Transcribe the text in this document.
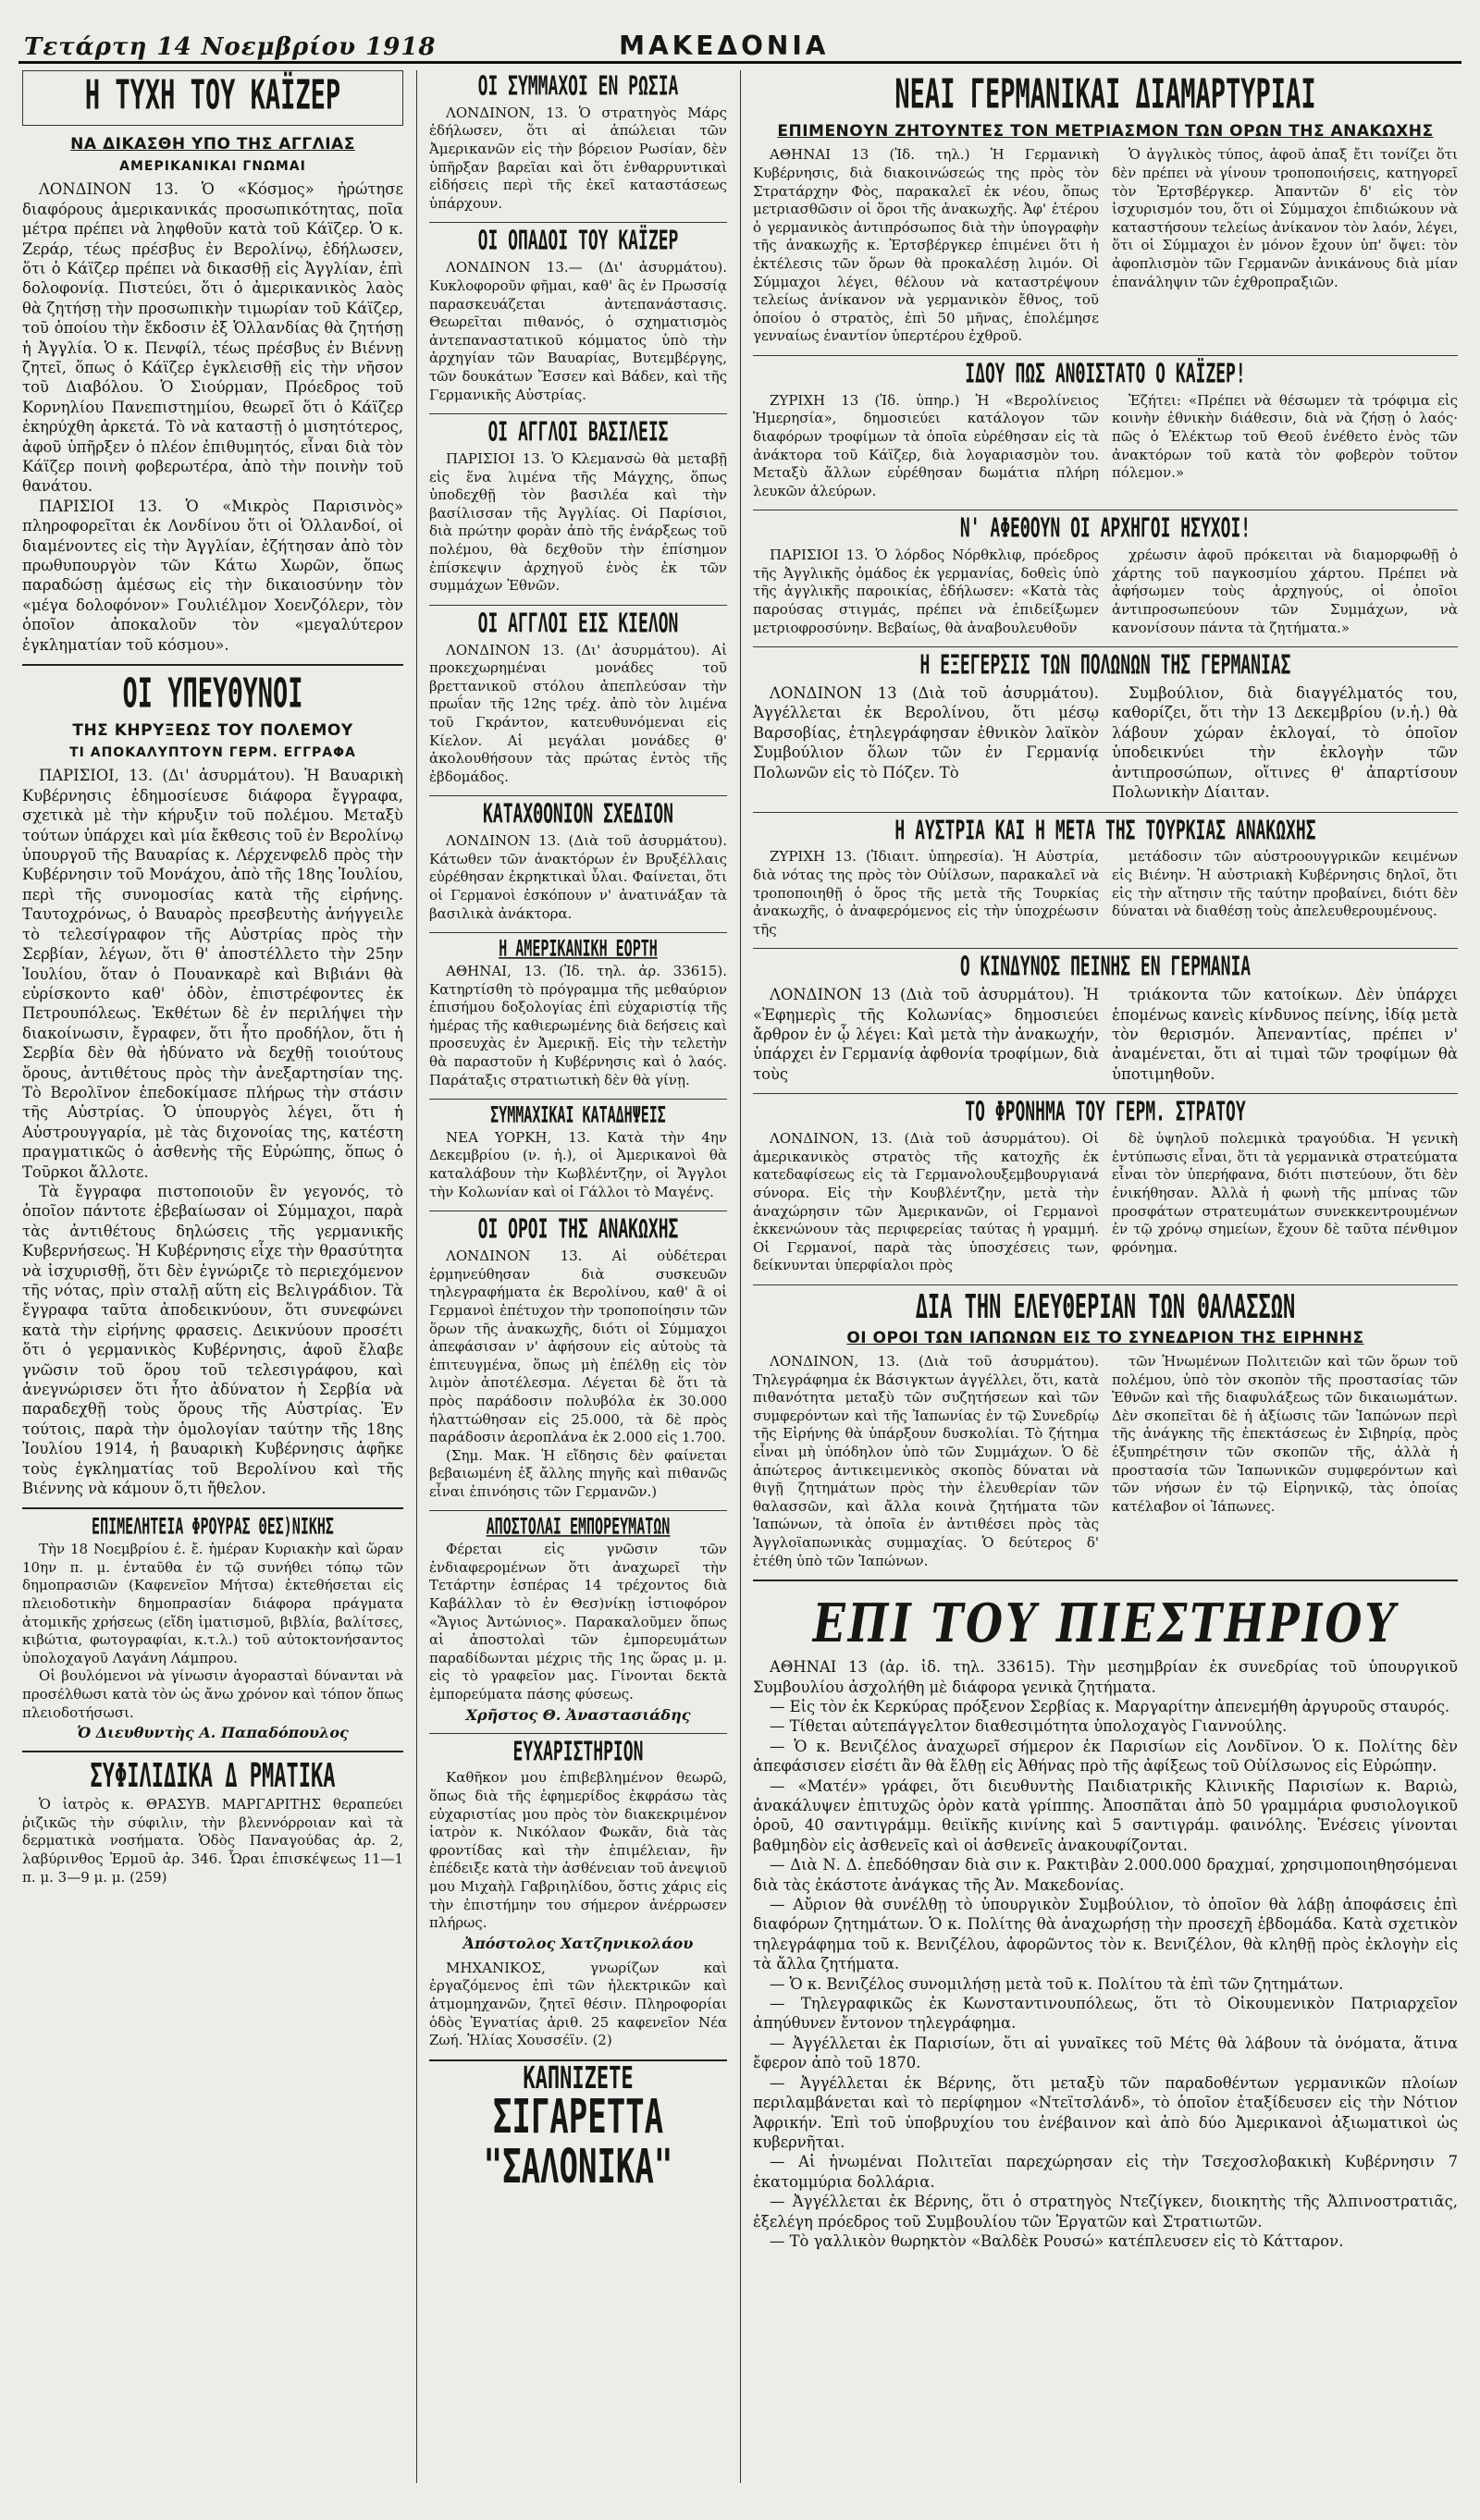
Τετάρτη 14 Νοεμβρίου 1918	ΜΑΚΕΔΟΝΙΑ
Η ΤΥΧΗ ΤΟΥ ΚΑΪΖΕΡ
ΝΑ ΔΙΚΑΣΘΗ ΥΠΟ ΤΗΣ ΑΓΓΛΙΑΣ
ΑΜΕΡΙΚΑΝΙΚΑΙ ΓΝΩΜΑΙ

ΛΟΝΔΙΝΟΝ 13. Ὁ «Κόσμος» ἠρώτησε διαφόρους ἀμερικανικάς προσωπικότητας, ποῖα μέτρα πρέπει νὰ ληφθοῦν κατὰ τοῦ Κάϊζερ. Ὁ κ. Ζεράρ, τέως πρέσβυς ἐν Βερολίνῳ, ἐδήλωσεν, ὅτι ὁ Κάϊζερ πρέπει νὰ δικασθῇ εἰς Ἀγγλίαν, ἐπὶ δολοφονίᾳ. Πιστεύει, ὅτι ὁ ἀμερικανικὸς λαὸς θὰ ζητήσῃ τὴν προσωπικὴν τιμωρίαν τοῦ Κάϊζερ, τοῦ ὁποίου τὴν ἔκδοσιν ἐξ Ὁλλανδίας θὰ ζητήσῃ ἡ Ἀγγλία. Ὁ κ. Πενφίλ, τέως πρέσβυς ἐν Βιέννῃ ζητεῖ, ὅπως ὁ Κάϊζερ ἐγκλεισθῇ εἰς τὴν νῆσον τοῦ Διαβόλου. Ὁ Σιούρμαν, Πρόεδρος τοῦ Κορνηλίου Πανεπιστημίου, θεωρεῖ ὅτι ὁ Κάϊζερ ἐκηρύχθη ἀρκετά. Τὸ νὰ καταστῇ ὁ μισητότερος, ἀφοῦ ὑπῆρξεν ὁ πλέον ἐπιθυμητός, εἶναι διὰ τὸν Κάϊζερ ποινὴ φοβερωτέρα, ἀπὸ τὴν ποινὴν τοῦ θανάτου.

ΠΑΡΙΣΙΟΙ 13. Ὁ «Μικρὸς Παρισινὸς» πληροφορεῖται ἐκ Λονδίνου ὅτι οἱ Ὁλλανδοί, οἱ διαμένοντες εἰς τὴν Ἀγγλίαν, ἐζήτησαν ἀπὸ τὸν πρωθυπουργὸν τῶν Κάτω Χωρῶν, ὅπως παραδώσῃ ἀμέσως εἰς τὴν δικαιοσύνην τὸν «μέγα δολοφόνον» Γουλιέλμον Χοενζόλερν, τὸν ὁποῖον ἀποκαλοῦν τὸν «μεγαλύτερον ἐγκληματίαν τοῦ κόσμου».

ΟΙ ΥΠΕΥΘΥΝΟΙ
ΤΗΣ ΚΗΡΥΞΕΩΣ ΤΟΥ ΠΟΛΕΜΟΥ
ΤΙ ΑΠΟΚΑΛΥΠΤΟΥΝ ΓΕΡΜ. ΕΓΓΡΑΦΑ

ΠΑΡΙΣΙΟΙ, 13. (Δι' ἀσυρμάτου). Ἡ Βαυαρικὴ Κυβέρνησις ἐδημοσίευσε διάφορα ἔγγραφα, σχετικὰ μὲ τὴν κήρυξιν τοῦ πολέμου. Μεταξὺ τούτων ὑπάρχει καὶ μία ἔκθεσις τοῦ ἐν Βερολίνῳ ὑπουργοῦ τῆς Βαυαρίας κ. Λέρχενφελδ πρὸς τὴν Κυβέρνησιν τοῦ Μονάχου, ἀπὸ τῆς 18ης Ἰουλίου, περὶ τῆς συνομοσίας κατὰ τῆς εἰρήνης. Ταυτοχρόνως, ὁ Βαυαρὸς πρεσβευτὴς ἀνήγγειλε τὸ τελεσίγραφον τῆς Αὐστρίας πρὸς τὴν Σερβίαν, λέγων, ὅτι θ' ἀποστέλλετο τὴν 25ην Ἰουλίου, ὅταν ὁ Πουανκαρὲ καὶ Βιβιάνι θὰ εὑρίσκοντο καθ' ὁδὸν, ἐπιστρέφοντες ἐκ Πετρουπόλεως. Ἐκθέτων δὲ ἐν περιλήψει τὴν διακοίνωσιν, ἔγραφεν, ὅτι ἦτο προδήλον, ὅτι ἡ Σερβία δὲν θὰ ἠδύνατο νὰ δεχθῇ τοιούτους ὅρους, ἀντιθέτους πρὸς τὴν ἀνεξαρτησίαν της. Τὸ Βερολῖνον ἐπεδοκίμασε πλήρως τὴν στάσιν τῆς Αὐστρίας. Ὁ ὑπουργὸς λέγει, ὅτι ἡ Αὐστρουγγαρία, μὲ τὰς διχονοίας της, κατέστη πραγματικῶς ὁ ἀσθενὴς τῆς Εὐρώπης, ὅπως ὁ Τοῦρκοι ἄλλοτε.

Τὰ ἔγγραφα πιστοποιοῦν ἓν γεγονός, τὸ ὁποῖον πάντοτε ἐβεβαίωσαν οἱ Σύμμαχοι, παρὰ τὰς ἀντιθέτους δηλώσεις τῆς γερμανικῆς Κυβερνήσεως. Ἡ Κυβέρνησις εἶχε τὴν θρασύτητα νὰ ἰσχυρισθῇ, ὅτι δὲν ἐγνώριζε τὸ περιεχόμενον τῆς νότας, πρὶν σταλῇ αὕτη εἰς Βελιγράδιον. Τὰ ἔγγραφα ταῦτα ἀποδεικνύουν, ὅτι συνεφώνει κατὰ τὴν εἰρήνης φρασεις. Δεικνύουν προσέτι ὅτι ὁ γερμανικὸς Κυβέρνησις, ἀφοῦ ἔλαβε γνῶσιν τοῦ ὅρου τοῦ τελεσιγράφου, καὶ ἀνεγνώρισεν ὅτι ἦτο ἀδύνατον ἡ Σερβία νὰ παραδεχθῇ τοὺς ὅρους τῆς Αὐστρίας. Ἐν τούτοις, παρὰ τὴν ὁμολογίαν ταύτην τῆς 18ης Ἰουλίου 1914, ἡ βαυαρικὴ Κυβέρνησις ἀφῆκε τοὺς ἐγκληματίας τοῦ Βερολίνου καὶ τῆς Βιέννης νὰ κάμουν ὅ,τι ἤθελον.

ΕΠΙΜΕΛΗΤΕΙΑ ΦΡΟΥΡΑΣ ΘΕΣ)ΝΙΚΗΣ

Τὴν 18 Νοεμβρίου ἐ. ἔ. ἡμέραν Κυριακὴν καὶ ὥραν 10ην π. μ. ἐνταῦθα ἐν τῷ συνήθει τόπῳ τῶν δημοπρασιῶν (Καφενεῖον Μήτσα) ἐκτεθήσεται εἰς πλειοδοτικὴν δημοπρασίαν διάφορα πράγματα ἀτομικῆς χρήσεως (εἴδη ἱματισμοῦ, βιβλία, βαλίτσες, κιβώτια, φωτογραφίαι, κ.τ.λ.) τοῦ αὐτοκτονήσαντος ὑπολοχαγοῦ Λαγάνη Λάμπρου.

Οἱ βουλόμενοι νὰ γίνωσιν ἀγορασταὶ δύνανται νὰ προσέλθωσι κατὰ τὸν ὡς ἄνω χρόνον καὶ τόπον ὅπως πλειοδοτήσωσι.

Ὁ Διευθυντὴς Α. Παπαδόπουλος
ΣΥΦΙΛΙΔΙΚΑ Δ ΡΜΑΤΙΚΑ

Ὁ ἰατρὸς κ. ΘΡΑΣΥΒ. ΜΑΡΓΑΡΙΤΗΣ θεραπεύει ῥιζικῶς τὴν σύφιλιν, τὴν βλεννόρροιαν καὶ τὰ δερματικὰ νοσήματα. Ὁδὸς Παναγούδας ἀρ. 2, λαβύρινθος Ἐρμοῦ ἀρ. 346. Ὧραι ἐπισκέψεως 11—1 π. μ. 3—9 μ. μ. (259)

ΟΙ ΣΥΜΜΑΧΟΙ ΕΝ ΡΩΣΙΑ

ΛΟΝΔΙΝΟΝ, 13. Ὁ στρατηγὸς Μάρς ἐδήλωσεν, ὅτι αἱ ἀπώλειαι τῶν Ἀμερικανῶν εἰς τὴν βόρειον Ρωσίαν, δὲν ὑπῆρξαν βαρεῖαι καὶ ὅτι ἐνθαρρυντικαὶ εἰδήσεις περὶ τῆς ἐκεῖ καταστάσεως ὑπάρχουν.

ΟΙ ΟΠΑΔΟΙ ΤΟΥ ΚΑΪΖΕΡ

ΛΟΝΔΙΝΟΝ 13.— (Δι' ἀσυρμάτου). Κυκλοφοροῦν φῆμαι, καθ' ἃς ἐν Πρωσσίᾳ παρασκευάζεται ἀντεπανάστασις. Θεωρεῖται πιθανός, ὁ σχηματισμὸς ἀντεπαναστατικοῦ κόμματος ὑπὸ τὴν ἀρχηγίαν τῶν Βαυαρίας, Βυτεμβέργης, τῶν δουκάτων Ἔσσεν καὶ Βάδεν, καὶ τῆς Γερμανικῆς Αὐστρίας.

ΟΙ ΑΓΓΛΟΙ ΒΑΣΙΛΕΙΣ

ΠΑΡΙΣΙΟΙ 13. Ὁ Κλεμανσὼ θὰ μεταβῇ εἰς ἕνα λιμένα τῆς Μάγχης, ὅπως ὑποδεχθῇ τὸν βασιλέα καὶ τὴν βασίλισσαν τῆς Ἀγγλίας. Οἱ Παρίσιοι, διὰ πρώτην φορὰν ἀπὸ τῆς ἐνάρξεως τοῦ πολέμου, θὰ δεχθοῦν τὴν ἐπίσημον ἐπίσκεψιν ἀρχηγοῦ ἑνὸς ἐκ τῶν συμμάχων Ἐθνῶν.

ΟΙ ΑΓΓΛΟΙ ΕΙΣ ΚΙΕΛΟΝ

ΛΟΝΔΙΝΟΝ 13. (Δι' ἀσυρμάτου). Αἱ προκεχωρημέναι μονάδες τοῦ βρεττανικοῦ στόλου ἀπεπλεύσαν τὴν πρωΐαν τῆς 12ης τρέχ. ἀπὸ τὸν λιμένα τοῦ Γκράντον, κατευθυνόμεναι εἰς Κίελον. Αἱ μεγάλαι μονάδες θ' ἀκολουθήσουν τὰς πρώτας ἐντὸς τῆς ἑβδομάδος.

ΚΑΤΑΧΘΟΝΙΟΝ ΣΧΕΔΙΟΝ

ΛΟΝΔΙΝΟΝ 13. (Διὰ τοῦ ἀσυρμάτου). Κάτωθεν τῶν ἀνακτόρων ἐν Βρυξέλλαις εὑρέθησαν ἐκρηκτικαὶ ὗλαι. Φαίνεται, ὅτι οἱ Γερμανοὶ ἐσκόπουν ν' ἀνατινάξαν τὰ βασιλικὰ ἀνάκτορα.

Η ΑΜΕΡΙΚΑΝΙΚΗ ΕΟΡΤΗ

ΑΘΗΝΑΙ, 13. (Ἰδ. τηλ. ἀρ. 33615). Κατηρτίσθη τὸ πρόγραμμα τῆς μεθαύριον ἐπισήμου δοξολογίας ἐπὶ εὐχαριστίᾳ τῆς ἡμέρας τῆς καθιερωμένης διὰ δεήσεις καὶ προσευχὰς ἐν Ἀμερικῇ. Εἰς τὴν τελετὴν θὰ παραστοῦν ἡ Κυβέρνησις καὶ ὁ λαός. Παράταξις στρατιωτικὴ δὲν θὰ γίνῃ.

ΣΥΜΜΑΧΙΚΑΙ ΚΑΤΑΔΗΨΕΙΣ

ΝΕΑ ΥΟΡΚΗ, 13. Κατὰ τὴν 4ην Δεκεμβρίου (ν. ἡ.), οἱ Ἀμερικανοὶ θὰ καταλάβουν τὴν Κωβλέντζην, οἱ Ἄγγλοι τὴν Κολωνίαν καὶ οἱ Γάλλοι τὸ Μαγένς.

ΟΙ ΟΡΟΙ ΤΗΣ ΑΝΑΚΩΧΗΣ

ΛΟΝΔΙΝΟΝ 13. Αἱ οὐδέτεραι ἑρμηνεύθησαν διὰ συσκευῶν τηλεγραφήματα ἐκ Βερολίνου, καθ' ἃ οἱ Γερμανοὶ ἐπέτυχον τὴν τροποποίησιν τῶν ὅρων τῆς ἀνακωχῆς, διότι οἱ Σύμμαχοι ἀπεφάσισαν ν' ἀφήσουν εἰς αὐτοὺς τὰ ἐπιτευγμένα, ὅπως μὴ ἐπέλθῃ εἰς τὸν λιμὸν ἀποτέλεσμα. Λέγεται δὲ ὅτι τὰ πρὸς παράδοσιν πολυβόλα ἐκ 30.000 ἠλαττώθησαν εἰς 25.000, τὰ δὲ πρὸς παράδοσιν ἀεροπλάνα ἐκ 2.000 εἰς 1.700.

(Σημ. Μακ. Ἡ εἴδησις δὲν φαίνεται βεβαιωμένη ἐξ ἄλλης πηγῆς καὶ πιθανῶς εἶναι ἐπινόησις τῶν Γερμανῶν.)

ΑΠΟΣΤΟΛΑΙ ΕΜΠΟΡΕΥΜΑΤΩΝ

Φέρεται εἰς γνῶσιν τῶν ἐνδιαφερομένων ὅτι ἀναχωρεῖ τὴν Τετάρτην ἑσπέρας 14 τρέχοντος διὰ Καβάλλαν τὸ ἐν Θεσ)νίκῃ ἱστιοφόρον «Ἅγιος Ἀντώνιος». Παρακαλοῦμεν ὅπως αἱ ἀποστολαὶ τῶν ἐμπορευμάτων παραδίδωνται μέχρις τῆς 1ης ὥρας μ. μ. εἰς τὸ γραφεῖον μας. Γίνονται δεκτὰ ἐμπορεύματα πάσης φύσεως.

Χρῆστος Θ. Ἀναστασιάδης
ΕΥΧΑΡΙΣΤΗΡΙΟΝ

Καθῆκον μου ἐπιβεβλημένον θεωρῶ, ὅπως διὰ τῆς ἐφημερίδος ἐκφράσω τὰς εὐχαριστίας μου πρὸς τὸν διακεκριμένον ἰατρὸν κ. Νικόλαον Φωκᾶν, διὰ τὰς φροντίδας καὶ τὴν ἐπιμέλειαν, ἣν ἐπέδειξε κατὰ τὴν ἀσθένειαν τοῦ ἀνεψιοῦ μου Μιχαὴλ Γαβριηλίδου, ὅστις χάρις εἰς τὴν ἐπιστήμην του σήμερον ἀνέρρωσεν πλήρως.

Ἀπόστολος Χατζηνικολάου

ΜΗΧΑΝΙΚΟΣ, γνωρίζων καὶ ἐργαζόμενος ἐπὶ τῶν ἠλεκτρικῶν καὶ ἀτμομηχανῶν, ζητεῖ θέσιν. Πληροφορίαι ὁδὸς Ἐγνατίας ἀριθ. 25 καφενεῖον Νέα Ζωή. Ἠλίας Χουσσέϊν. (2)

ΚΑΠΝΙΖΕΤΕ
ΣΙΓΑΡΕΤΤΑ "ΣΑΛΟΝΙΚΑ"
ΝΕΑΙ ΓΕΡΜΑΝΙΚΑΙ ΔΙΑΜΑΡΤΥΡΙΑΙ
ΕΠΙΜΕΝΟΥΝ ΖΗΤΟΥΝΤΕΣ ΤΟΝ ΜΕΤΡΙΑΣΜΟΝ ΤΩΝ ΟΡΩΝ ΤΗΣ ΑΝΑΚΩΧΗΣ

ΑΘΗΝΑΙ 13 (Ἰδ. τηλ.) Ἡ Γερμανικὴ Κυβέρνησις, διὰ διακοινώσεώς της πρὸς τὸν Στρατάρχην Φὸς, παρακαλεῖ ἐκ νέου, ὅπως μετριασθῶσιν οἱ ὅροι τῆς ἀνακωχῆς. Ἀφ' ἑτέρου ὁ γερμανικὸς ἀντιπρόσωπος διὰ τὴν ὑπογραφὴν τῆς ἀνακωχῆς κ. Ἐρτσβέργκερ ἐπιμένει ὅτι ἡ ἐκτέλεσις τῶν ὅρων θὰ προκαλέσῃ λιμόν. Οἱ Σύμμαχοι λέγει, θέλουν νὰ καταστρέψουν τελείως ἀνίκανον νὰ γερμανικὸν ἔθνος, τοῦ ὁποίου ὁ στρατὸς, ἐπὶ 50 μῆνας, ἐπολέμησε γενναίως ἐναντίον ὑπερτέρου ἐχθροῦ.

Ὁ ἀγγλικὸς τύπος, ἀφοῦ ἀπαξ ἔτι τονίζει ὅτι δὲν πρέπει νὰ γίνουν τροποποιήσεις, κατηγορεῖ τὸν Ἐρτσβέργκερ. Ἀπαντῶν δ' εἰς τὸν ἰσχυρισμόν του, ὅτι οἱ Σύμμαχοι ἐπιδιώκουν νὰ καταστήσουν τελείως ἀνίκανον τὸν λαόν, λέγει, ὅτι οἱ Σύμμαχοι ἐν μόνον ἔχουν ὑπ' ὄψει: τὸν ἀφοπλισμὸν τῶν Γερμανῶν ἀνικάνους διὰ μίαν ἐπανάληψιν τῶν ἐχθροπραξιῶν.

ΙΔΟΥ ΠΩΣ ΑΝΘΙΣΤΑΤΟ Ο ΚΑΪΖΕΡ!

ΖΥΡΙΧΗ 13 (Ἰδ. ὑπηρ.) Ἡ «Βερολίνειος Ἡμερησία», δημοσιεύει κατάλογον τῶν διαφόρων τροφίμων τὰ ὁποῖα εὑρέθησαν εἰς τὰ ἀνάκτορα τοῦ Κάϊζερ, διὰ λογαριασμὸν του. Μεταξὺ ἄλλων εὑρέθησαν δωμάτια πλήρη λευκῶν ἀλεύρων.

Ἐζήτει: «Πρέπει νὰ θέσωμεν τὰ τρόφιμα εἰς κοινὴν ἐθνικὴν διάθεσιν, διὰ νὰ ζήσῃ ὁ λαός· πῶς ὁ Ἐλέκτωρ τοῦ Θεοῦ ἐνέθετο ἐνὸς τῶν ἀνακτόρων τοῦ κατὰ τὸν φοβερὸν τοῦτον πόλεμον.»

Ν' ΑΦΕΘΟΥΝ ΟΙ ΑΡΧΗΓΟΙ ΗΣΥΧΟΙ!

ΠΑΡΙΣΙΟΙ 13. Ὁ λόρδος Νόρθκλιφ, πρόεδρος τῆς Ἀγγλικῆς ὁμάδος ἐκ γερμανίας, δοθεὶς ὑπὸ τῆς ἀγγλικῆς παροικίας, ἐδήλωσεν: «Κατὰ τὰς παρούσας στιγμάς, πρέπει νὰ ἐπιδείξωμεν μετριοφροσύνην. Βεβαίως, θὰ ἀναβουλευθοῦν

χρέωσιν ἀφοῦ πρόκειται νὰ διαμορφωθῇ ὁ χάρτης τοῦ παγκοσμίου χάρτου. Πρέπει νὰ ἀφήσωμεν τοὺς ἀρχηγούς, οἱ ὁποῖοι ἀντιπροσωπεύουν τῶν Συμμάχων, νὰ κανονίσουν πάντα τὰ ζητήματα.»

Η ΕΞΕΓΕΡΣΙΣ ΤΩΝ ΠΟΛΩΝΩΝ ΤΗΣ ΓΕΡΜΑΝΙΑΣ

ΛΟΝΔΙΝΟΝ 13 (Διὰ τοῦ ἀσυρμάτου). Ἀγγέλλεται ἐκ Βερολίνου, ὅτι μέσῳ Βαρσοβίας, ἐτηλεγράφησαν ἐθνικὸν λαϊκὸν Συμβούλιον ὅλων τῶν ἐν Γερμανίᾳ Πολωνῶν εἰς τὸ Πόζεν. Τὸ

Συμβούλιον, διὰ διαγγέλματός του, καθορίζει, ὅτι τὴν 13 Δεκεμβρίου (ν.ἡ.) θὰ λάβουν χώραν ἐκλογαί, τὸ ὁποῖον ὑποδεικνύει τὴν ἐκλογὴν τῶν ἀντιπροσώπων, οἵτινες θ' ἀπαρτίσουν Πολωνικὴν Δίαιταν.

Η ΑΥΣΤΡΙΑ ΚΑΙ Η ΜΕΤΑ ΤΗΣ ΤΟΥΡΚΙΑΣ ΑΝΑΚΩΧΗΣ

ΖΥΡΙΧΗ 13. (Ἰδιαιτ. ὑπηρεσία). Ἡ Αὐστρία, διὰ νότας της πρὸς τὸν Οὐίλσων, παρακαλεῖ νὰ τροποποιηθῇ ὁ ὅρος τῆς μετὰ τῆς Τουρκίας ἀνακωχῆς, ὁ ἀναφερόμενος εἰς τὴν ὑποχρέωσιν τῆς

μετάδοσιν τῶν αὐστροουγγρικῶν κειμένων εἰς Βιένην. Ἡ αὐστριακὴ Κυβέρνησις δηλοῖ, ὅτι εἰς τὴν αἴτησιν τῆς ταύτην προβαίνει, διότι δὲν δύναται νὰ διαθέσῃ τοὺς ἀπελευθερουμένους.

Ο ΚΙΝΔΥΝΟΣ ΠΕΙΝΗΣ ΕΝ ΓΕΡΜΑΝΙΑ

ΛΟΝΔΙΝΟΝ 13 (Διὰ τοῦ ἀσυρμάτου). Ἡ «Ἐφημερὶς τῆς Κολωνίας» δημοσιεύει ἄρθρον ἐν ᾧ λέγει: Καὶ μετὰ τὴν ἀνακωχήν, ὑπάρχει ἐν Γερμανίᾳ ἀφθονία τροφίμων, διὰ τοὺς

τριάκοντα τῶν κατοίκων. Δὲν ὑπάρχει ἑπομένως κανεὶς κίνδυνος πείνης, ἰδίᾳ μετὰ τὸν θερισμόν. Ἀπεναντίας, πρέπει ν' ἀναμένεται, ὅτι αἱ τιμαὶ τῶν τροφίμων θὰ ὑποτιμηθοῦν.

ΤΟ ΦΡΟΝΗΜΑ ΤΟΥ ΓΕΡΜ. ΣΤΡΑΤΟΥ

ΛΟΝΔΙΝΟΝ, 13. (Διὰ τοῦ ἀσυρμάτου). Οἱ ἀμερικανικὸς στρατὸς τῆς κατοχῆς ἐκ κατεδαφίσεως εἰς τὰ Γερμανολουξεμβουργιανά σύνορα. Εἰς τὴν Κουβλέντζην, μετὰ τὴν ἀναχώρησιν τῶν Ἀμερικανῶν, οἱ Γερμανοὶ ἐκκενώνουν τὰς περιφερείας ταύτας ἡ γραμμή. Οἱ Γερμανοί, παρὰ τὰς ὑποσχέσεις των, δείκνυνται ὑπερφίαλοι πρὸς

δὲ ὑψηλοῦ πολεμικὰ τραγούδια. Ἡ γενικὴ ἐντύπωσις εἶναι, ὅτι τὰ γερμανικὰ στρατεύματα εἶναι τὸν ὑπερήφανα, διότι πιστεύουν, ὅτι δὲν ἐνικήθησαν. Ἀλλὰ ἡ φωνὴ τῆς μπίνας τῶν προσφάτων στρατευμάτων συνεκκεντρουμένων ἐν τῷ χρόνῳ σημείων, ἔχουν δὲ ταῦτα πένθιμον φρόνημα.

ΔΙΑ ΤΗΝ ΕΛΕΥΘΕΡΙΑΝ ΤΩΝ ΘΑΛΑΣΣΩΝ
ΟΙ ΟΡΟΙ ΤΩΝ ΙΑΠΩΝΩΝ ΕΙΣ ΤΟ ΣΥΝΕΔΡΙΟΝ ΤΗΣ ΕΙΡΗΝΗΣ

ΛΟΝΔΙΝΟΝ, 13. (Διὰ τοῦ ἀσυρμάτου). Τηλεγράφημα ἐκ Βάσιγκτων ἀγγέλλει, ὅτι, κατὰ πιθανότητα μεταξὺ τῶν συζητήσεων καὶ τῶν συμφερόντων καὶ τῆς Ἰαπωνίας ἐν τῷ Συνεδρίῳ τῆς Εἰρήνης θὰ ὑπάρξουν δυσκολίαι. Τὸ ζήτημα εἶναι μὴ ὑπόδηλον ὑπὸ τῶν Συμμάχων. Ὁ δὲ ἀπώτερος ἀντικειμενικὸς σκοπὸς δύναται νὰ θιγῇ ζητημάτων πρὸς τὴν ἐλευθερίαν τῶν θαλασσῶν, καὶ ἄλλα κοινὰ ζητήματα τῶν Ἰαπώνων, τὰ ὁποῖα ἐν ἀντιθέσει πρὸς τὰς Ἀγγλοϊαπωνικὰς συμμαχίας. Ὁ δεύτερος δ' ἐτέθη ὑπὸ τῶν Ἰαπώνων.

τῶν Ἡνωμένων Πολιτειῶν καὶ τῶν ὅρων τοῦ πολέμου, ὑπὸ τὸν σκοπὸν τῆς προστασίας τῶν Ἐθνῶν καὶ τῆς διαφυλάξεως τῶν δικαιωμάτων. Δὲν σκοπεῖται δὲ ἡ ἀξίωσις τῶν Ἰαπώνων περὶ τῆς ἀνάγκης τῆς ἐπεκτάσεως ἐν Σιβηρίᾳ, πρὸς ἐξυπηρέτησιν τῶν σκοπῶν τῆς, ἀλλὰ ἡ προστασία τῶν Ἰαπωνικῶν συμφερόντων καὶ τῶν νήσων ἐν τῷ Εἰρηνικῷ, τὰς ὁποίας κατέλαβον οἱ Ἰάπωνες.

ΕΠΙ ΤΟΥ ΠΙΕΣΤΗΡΙΟΥ

ΑΘΗΝΑΙ 13 (ἀρ. ἰδ. τηλ. 33615). Τὴν μεσημβρίαν ἐκ συνεδρίας τοῦ ὑπουργικοῦ Συμβουλίου ἀσχολήθη μὲ διάφορα γενικὰ ζητήματα.

— Εἰς τὸν ἐκ Κερκύρας πρόξενον Σερβίας κ. Μαργαρίτην ἀπενεμήθη ἀργυροῦς σταυρός.

— Τίθεται αὐτεπάγγελτον διαθεσιμότητα ὑπολοχαγὸς Γιαννούλης.

— Ὁ κ. Βενιζέλος ἀναχωρεῖ σήμερον ἐκ Παρισίων εἰς Λονδῖνον. Ὁ κ. Πολίτης δὲν ἀπεφάσισεν εἰσέτι ἂν θὰ ἔλθῃ εἰς Ἀθήνας πρὸ τῆς ἀφίξεως τοῦ Οὐίλσωνος εἰς Εὐρώπην.

— «Ματέν» γράφει, ὅτι διευθυντὴς Παιδιατρικῆς Κλινικῆς Παρισίων κ. Βαριὼ, ἀνακάλυψεν ἐπιτυχῶς ὀρὸν κατὰ γρίππης. Ἀποσπᾶται ἀπὸ 50 γραμμάρια φυσιολογικοῦ ὀροῦ, 40 σαντιγράμμ. θειϊκῆς κινίνης καὶ 5 σαντιγράμ. φαινόλης. Ἐνέσεις γίνονται βαθμηδὸν εἰς ἀσθενεῖς καὶ οἱ ἀσθενεῖς ἀνακουφίζονται.

— Διὰ Ν. Δ. ἐπεδόθησαν διὰ σιν κ. Ρακτιβὰν 2.000.000 δραχμαί, χρησιμοποιηθησόμεναι διὰ τὰς ἐκάστοτε ἀνάγκας τῆς Ἀν. Μακεδονίας.

— Αὔριον θὰ συνέλθῃ τὸ ὑπουργικὸν Συμβούλιον, τὸ ὁποῖον θὰ λάβῃ ἀποφάσεις ἐπὶ διαφόρων ζητημάτων. Ὁ κ. Πολίτης θὰ ἀναχωρήσῃ τὴν προσεχῆ ἑβδομάδα. Κατὰ σχετικὸν τηλεγράφημα τοῦ κ. Βενιζέλου, ἀφορῶντος τὸν κ. Βενιζέλον, θὰ κληθῇ πρὸς ἐκλογὴν εἰς τὰ ἄλλα ζητήματα.

— Ὁ κ. Βενιζέλος συνομιλήσῃ μετὰ τοῦ κ. Πολίτου τὰ ἐπὶ τῶν ζητημάτων.

— Τηλεγραφικῶς ἐκ Κωνσταντινουπόλεως, ὅτι τὸ Οἰκουμενικὸν Πατριαρχεῖον ἀπηύθυνεν ἔντονον τηλεγράφημα.

— Ἀγγέλλεται ἐκ Παρισίων, ὅτι αἱ γυναῖκες τοῦ Μέτς θὰ λάβουν τὰ ὀνόματα, ἅτινα ἔφερον ἀπὸ τοῦ 1870.

— Ἀγγέλλεται ἐκ Βέρνης, ὅτι μεταξὺ τῶν παραδοθέντων γερμανικῶν πλοίων περιλαμβάνεται καὶ τὸ περίφημον «Ντεϊτσλάνδ», τὸ ὁποῖον ἐταξίδευσεν εἰς τὴν Νότιον Ἀφρικήν. Ἐπὶ τοῦ ὑποβρυχίου του ἐνέβαινον καὶ ἀπὸ δύο Ἀμερικανοὶ ἀξιωματικοὶ ὡς κυβερνῆται.

— Αἱ ἡνωμέναι Πολιτεῖαι παρεχώρησαν εἰς τὴν Τσεχοσλοβακικὴ Κυβέρνησιν 7 ἑκατομμύρια δολλάρια.

— Ἀγγέλλεται ἐκ Βέρνης, ὅτι ὁ στρατηγὸς Ντεζίγκεν, διοικητὴς τῆς Ἀλπινοστρατιᾶς, ἐξελέγη πρόεδρος τοῦ Συμβουλίου τῶν Ἐργατῶν καὶ Στρατιωτῶν.

— Τὸ γαλλικὸν θωρηκτὸν «Βαλδὲκ Ρουσώ» κατέπλευσεν εἰς τὸ Κάτταρον.
